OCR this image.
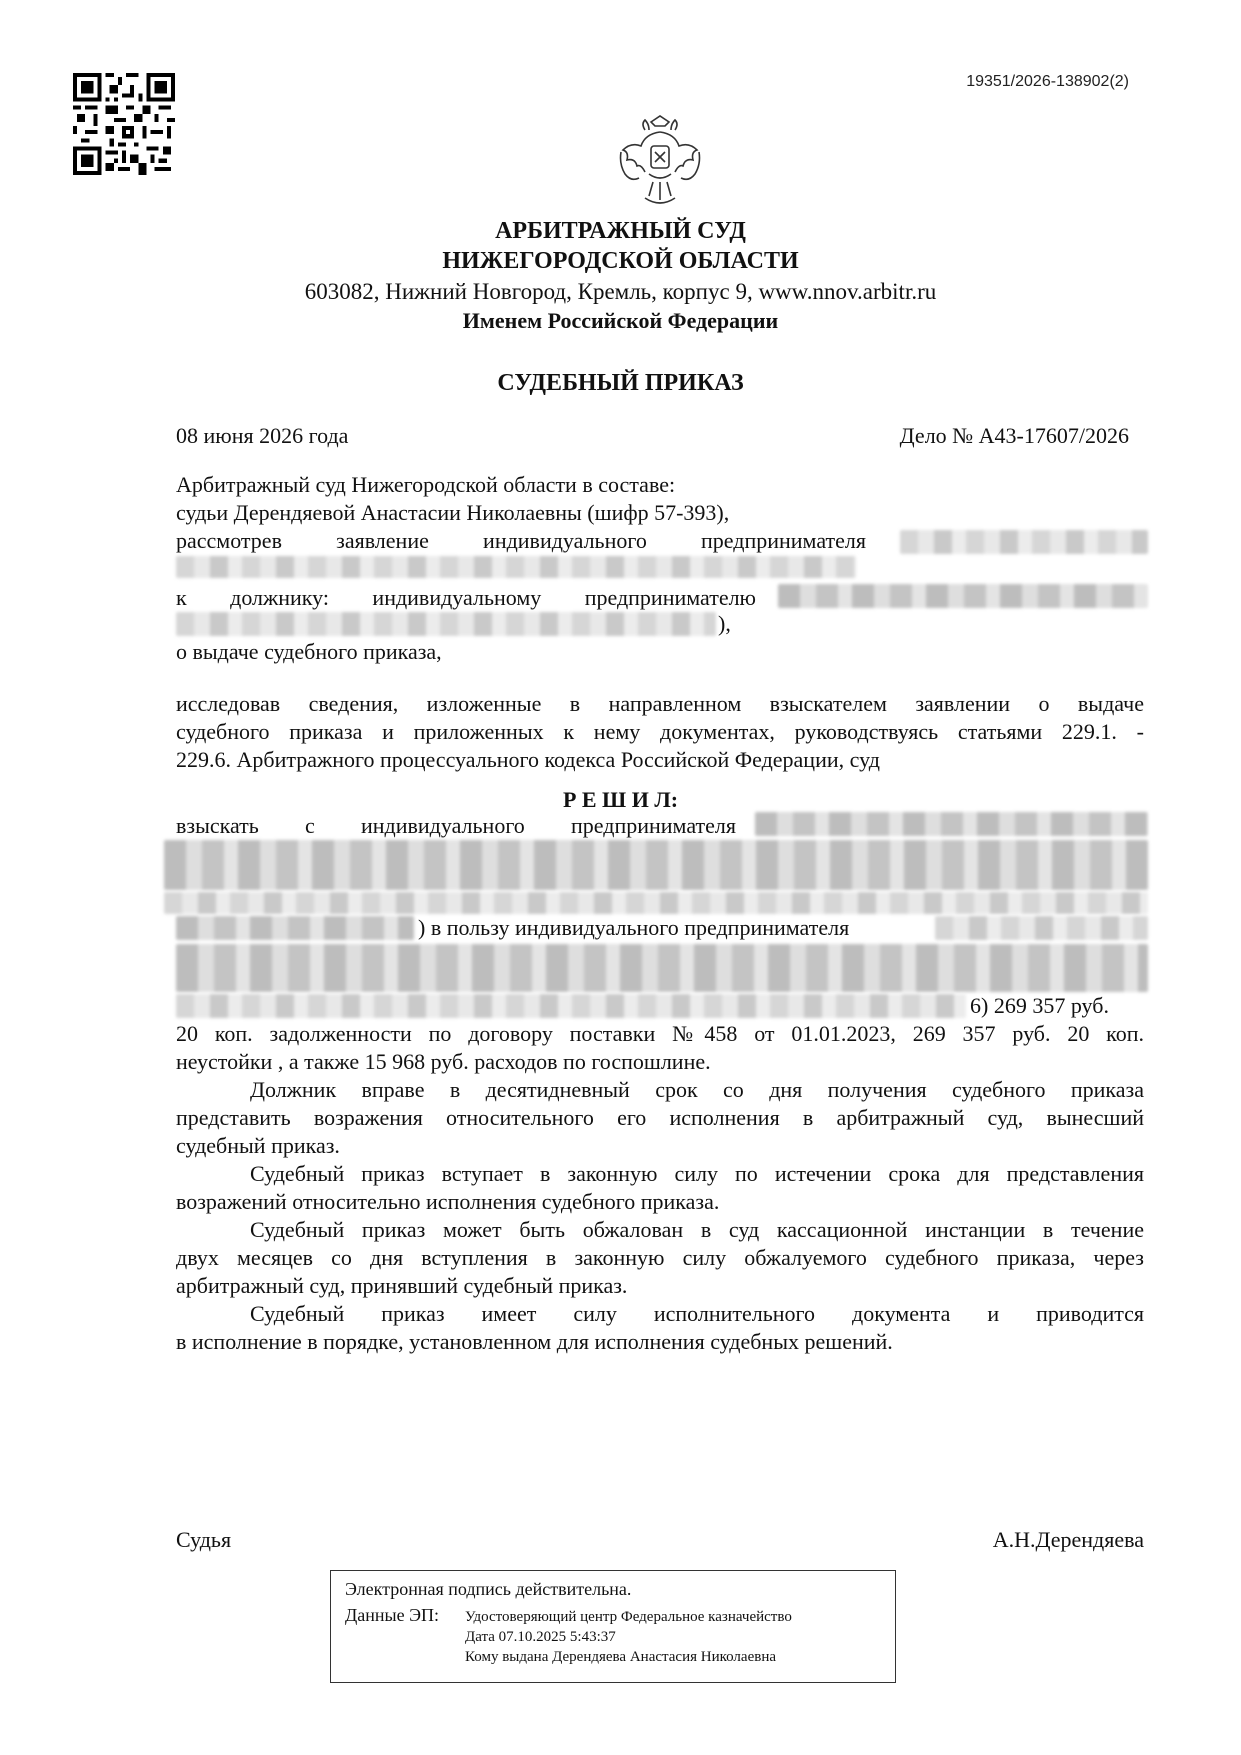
19351/2026-138902(2)
АРБИТРАЖНЫЙ СУД
НИЖЕГОРОДСКОЙ ОБЛАСТИ
603082, Нижний Новгород, Кремль, корпус 9, www.nnov.arbitr.ru
Именем Российской Федерации
СУДЕБНЫЙ ПРИКАЗ
08 июня 2026 года	Дело № А43-17607/2026
Арбитражный суд Нижегородской области в составе:
судьи Дерендяевой Анастасии Николаевны (шифр 57-393),
рассмотрев заявление индивидуального предпринимателя
к должнику: индивидуальному предпринимателю
),
о выдаче судебного приказа,
исследовав сведения, изложенные в направленном взыскателем заявлении о выдаче
судебного приказа и приложенных к нему документах, руководствуясь статьями 229.1. -
229.6. Арбитражного процессуального кодекса Российской Федерации, суд
Р Е Ш И Л:
взыскать с индивидуального предпринимателя
) в пользу индивидуального предпринимателя
6) 269 357 руб.
20 коп. задолженности по договору поставки №458 от 01.01.2023, 269 357 руб. 20 коп.
неустойки , а также 15 968 руб. расходов по госпошлине.
Должник вправе в десятидневный срок со дня получения судебного приказа
представить возражения относительного его исполнения в арбитражный суд, вынесший
судебный приказ.
Судебный приказ вступает в законную силу по истечении срока для представления
возражений относительно исполнения судебного приказа.
Судебный приказ может быть обжалован в суд кассационной инстанции в течение
двух месяцев со дня вступления в законную силу обжалуемого судебного приказа, через
арбитражный суд, принявший судебный приказ.
Судебный приказ имеет силу исполнительного документа и приводится
в исполнение в порядке, установленном для исполнения судебных решений.
Судья	А.Н.Дерендяева
Электронная подпись действительна.
Данные ЭП: Удостоверяющий центр Федеральное казначейство
Дата 07.10.2025 5:43:37
Кому выдана Дерендяева Анастасия Николаевна
